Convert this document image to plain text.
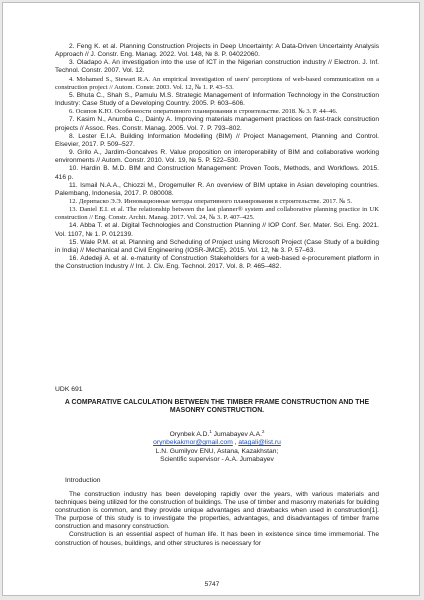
2. Feng K. et al. Planning Construction Projects in Deep Uncertainty: A Data-Driven Uncertainty Analysis Approach // J. Constr. Eng. Manag. 2022. Vol. 148, № 8. P. 04022060.

3. Oladapo A. An investigation into the use of ICT in the Nigerian construction industry // Electron. J. Inf. Technol. Constr. 2007. Vol. 12.

4. Mohamed S., Stewart R.A. An empirical investigation of users' perceptions of web-based communication on a construction project // Autom. Constr. 2003. Vol. 12, № 1. P. 43–53.

5. Bhuta C., Shah S., Pamulu M.S. Strategic Management of Information Technology in the Construction Industry: Case Study of a Developing Country. 2005. P. 603–606.

6. Осипов К.Ю. Особенности оперативного планирования в строительстве. 2018. № 3. P. 44–46.

7. Kasim N., Anumba C., Dainty A. Improving materials management practices on fast-track construction projects // Assoc. Res. Constr. Manag. 2005. Vol. 7. P. 793–802.

8. Lester E.I.A. Building Information Modelling (BIM) // Project Management, Planning and Control. Elsevier, 2017. P. 509–527.

9. Grilo A., Jardim-Goncalves R. Value proposition on interoperability of BIM and collaborative working environments // Autom. Constr. 2010. Vol. 19, № 5. P. 522–530.

10. Hardin B. M.D. BIM and Construction Management: Proven Tools, Methods, and Workflows. 2015. 416 p.

11. Ismail N.A.A., Chiozzi M., Drogemuller R. An overview of BIM uptake in Asian developing countries. Palembang, Indonesia, 2017. P. 080008.

12. Дерипаско Э.Э. Инновационные методы оперативного планирования в строительстве. 2017. № 5.

13. Daniel E.I. et al. The relationship between the last planner® system and collaborative planning practice in UK construction // Eng. Constr. Archit. Manag. 2017. Vol. 24, № 3. P. 407–425.

14. Abba T. et al. Digital Technologies and Construction Planning // IOP Conf. Ser. Mater. Sci. Eng. 2021. Vol. 1107, № 1. P. 012139.

15. Wale P.M. et al. Planning and Scheduling of Project using Microsoft Project (Case Study of a building in India) // Mechanical and Civil Engineering (IOSR-JMCE). 2015. Vol. 12, № 3. P. 57–63.

16. Adedeji A. et al. e-maturity of Construction Stakeholders for a web-based e-procurement platform in the Construction Industry // Int. J. Civ. Eng. Technol. 2017. Vol. 8. P. 465–482.

UDK 691
A COMPARATIVE CALCULATION BETWEEN THE TIMBER FRAME CONSTRUCTION AND THE MASONRY CONSTRUCTION.
Orynbek A.D.$^1$ Jumabayev A.A.$^2$
orynbekakmor@gmail.com , atagali@list.ru
L.N. Gumilyov ENU, Astana, Kazakhstan;
Scientific supervisor - A.A. Jumabayev
Introduction

The construction industry has been developing rapidly over the years, with various materials and techniques being utilized for the construction of buildings. The use of timber and masonry materials for building construction is common, and they provide unique advantages and drawbacks when used in construction[1]. The purpose of this study is to investigate the properties, advantages, and disadvantages of timber frame construction and masonry construction.

Construction is an essential aspect of human life. It has been in existence since time immemorial. The construction of houses, buildings, and other structures is necessary for

5747
